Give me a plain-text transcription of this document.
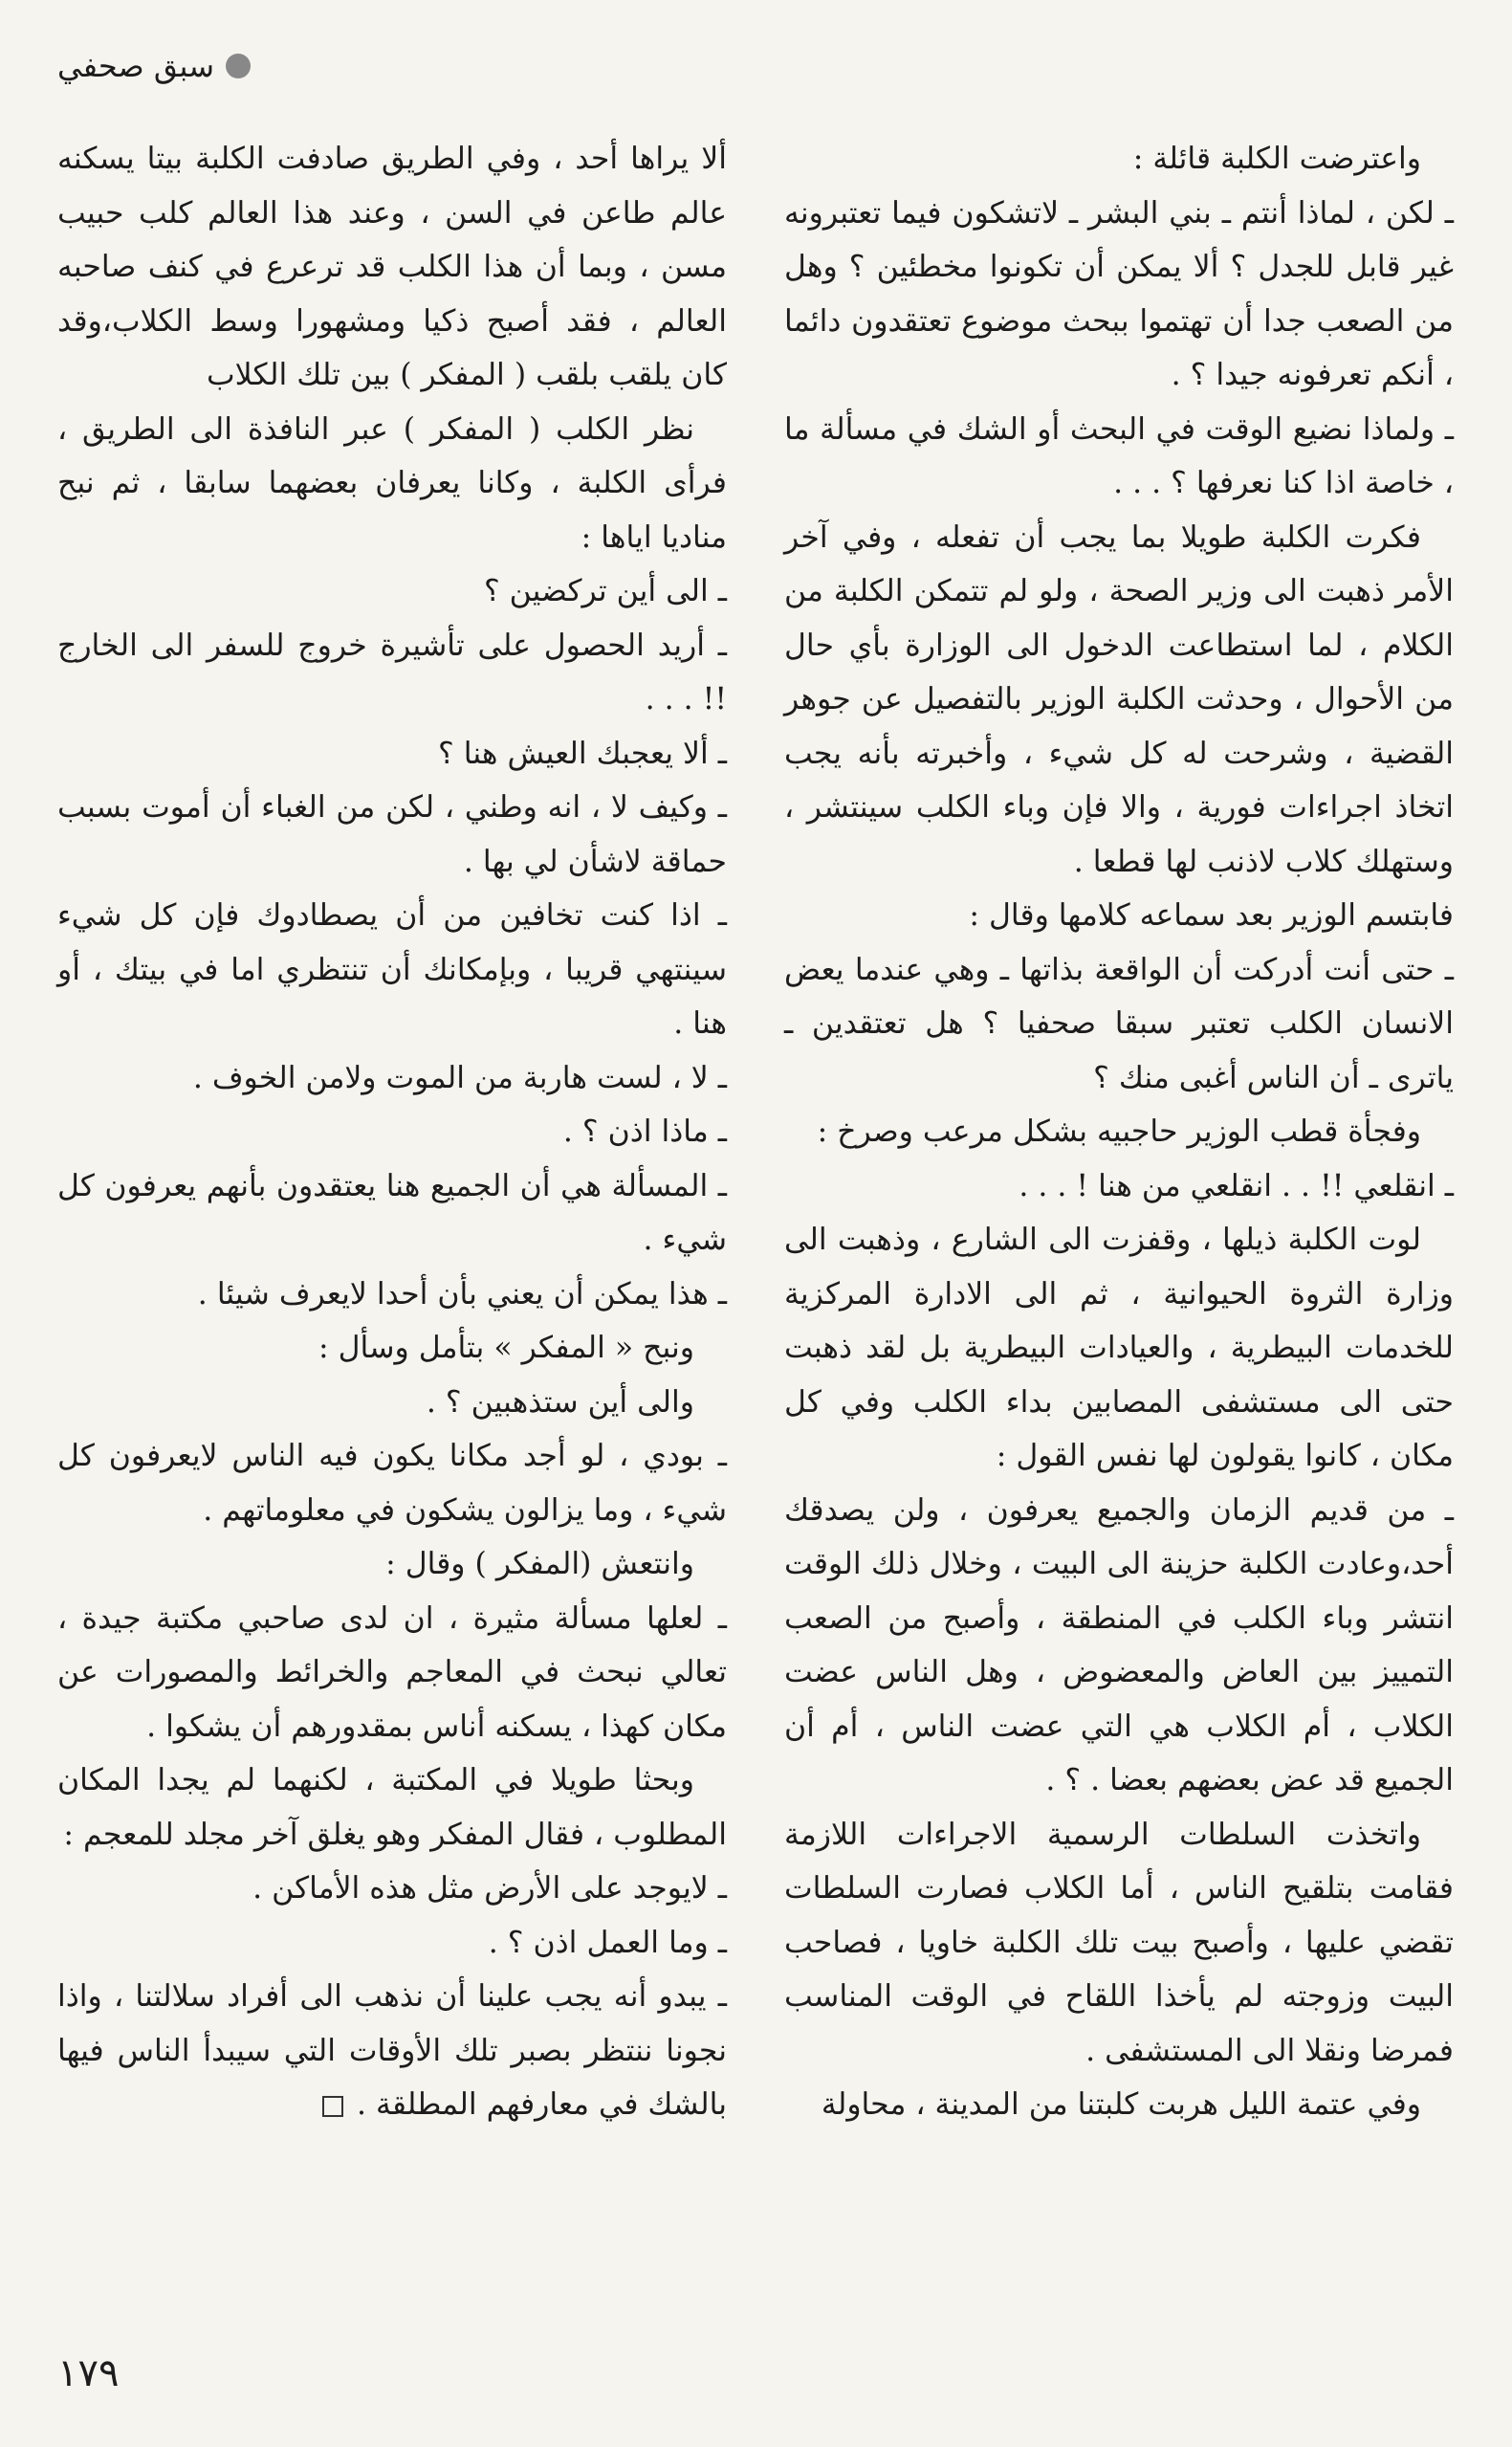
سبق صحفي

واعترضت الكلبة قائلة :

ـ لكن ، لماذا أنتم ـ بني البشر ـ لاتشكون فيما تعتبرونه غير قابل للجدل ؟ ألا يمكن أن تكونوا مخطئين ؟ وهل من الصعب جدا أن تهتموا ببحث موضوع تعتقدون دائما ، أنكم تعرفونه جيدا ؟ .

ـ ولماذا نضيع الوقت في البحث أو الشك في مسألة ما ، خاصة اذا كنا نعرفها ؟ . . .

فكرت الكلبة طويلا بما يجب أن تفعله ، وفي آخر الأمر ذهبت الى وزير الصحة ، ولو لم تتمكن الكلبة من الكلام ، لما استطاعت الدخول الى الوزارة بأي حال من الأحوال ، وحدثت الكلبة الوزير بالتفصيل عن جوهر القضية ، وشرحت له كل شيء ، وأخبرته بأنه يجب اتخاذ اجراءات فورية ، والا فإن وباء الكلب سينتشر ، وستهلك كلاب لاذنب لها قطعا .

فابتسم الوزير بعد سماعه كلامها وقال :

ـ حتى أنت أدركت أن الواقعة بذاتها ـ وهي عندما يعض الانسان الكلب تعتبر سبقا صحفيا ؟ هل تعتقدين ـ ياترى ـ أن الناس أغبى منك ؟

وفجأة قطب الوزير حاجبيه بشكل مرعب وصرخ :

ـ انقلعي !! . . انقلعي من هنا ! . . .

لوت الكلبة ذيلها ، وقفزت الى الشارع ، وذهبت الى وزارة الثروة الحيوانية ، ثم الى الادارة المركزية للخدمات البيطرية ، والعيادات البيطرية بل لقد ذهبت حتى الى مستشفى المصابين بداء الكلب وفي كل مكان ، كانوا يقولون لها نفس القول :

ـ من قديم الزمان والجميع يعرفون ، ولن يصدقك أحد،وعادت الكلبة حزينة الى البيت ، وخلال ذلك الوقت انتشر وباء الكلب في المنطقة ، وأصبح من الصعب التمييز بين العاض والمعضوض ، وهل الناس عضت الكلاب ، أم الكلاب هي التي عضت الناس ، أم أن الجميع قد عض بعضهم بعضا . ؟ .

واتخذت السلطات الرسمية الاجراءات اللازمة فقامت بتلقيح الناس ، أما الكلاب فصارت السلطات تقضي عليها ، وأصبح بيت تلك الكلبة خاويا ، فصاحب البيت وزوجته لم يأخذا اللقاح في الوقت المناسب فمرضا ونقلا الى المستشفى .

وفي عتمة الليل هربت كلبتنا من المدينة ، محاولة

ألا يراها أحد ، وفي الطريق صادفت الكلبة بيتا يسكنه عالم طاعن في السن ، وعند هذا العالم كلب حبيب مسن ، وبما أن هذا الكلب قد ترعرع في كنف صاحبه العالم ، فقد أصبح ذكيا ومشهورا وسط الكلاب،وقد كان يلقب بلقب ( المفكر ) بين تلك الكلاب

نظر الكلب ( المفكر ) عبر النافذة الى الطريق ، فرأى الكلبة ، وكانا يعرفان بعضهما سابقا ، ثم نبح مناديا اياها :

ـ الى أين تركضين ؟

ـ أريد الحصول على تأشيرة خروج للسفر الى الخارج !! . . .

ـ ألا يعجبك العيش هنا ؟

ـ وكيف لا ، انه وطني ، لكن من الغباء أن أموت بسبب حماقة لاشأن لي بها .

ـ اذا كنت تخافين من أن يصطادوك فإن كل شيء سينتهي قريبا ، وبإمكانك أن تنتظري اما في بيتك ، أو هنا .

ـ لا ، لست هاربة من الموت ولامن الخوف .

ـ ماذا اذن ؟ .

ـ المسألة هي أن الجميع هنا يعتقدون بأنهم يعرفون كل شيء .

ـ هذا يمكن أن يعني بأن أحدا لايعرف شيئا .

ونبح « المفكر » بتأمل وسأل :

والى أين ستذهبين ؟ .

ـ بودي ، لو أجد مكانا يكون فيه الناس لايعرفون كل شيء ، وما يزالون يشكون في معلوماتهم .

وانتعش (المفكر ) وقال :

ـ لعلها مسألة مثيرة ، ان لدى صاحبي مكتبة جيدة ، تعالي نبحث في المعاجم والخرائط والمصورات عن مكان كهذا ، يسكنه أناس بمقدورهم أن يشكوا .

وبحثا طويلا في المكتبة ، لكنهما لم يجدا المكان المطلوب ، فقال المفكر وهو يغلق آخر مجلد للمعجم :

ـ لايوجد على الأرض مثل هذه الأماكن .

ـ وما العمل اذن ؟ .

ـ يبدو أنه يجب علينا أن نذهب الى أفراد سلالتنا ، واذا نجونا ننتظر بصبر تلك الأوقات التي سيبدأ الناس فيها بالشك في معارفهم المطلقة .

١٧٩
